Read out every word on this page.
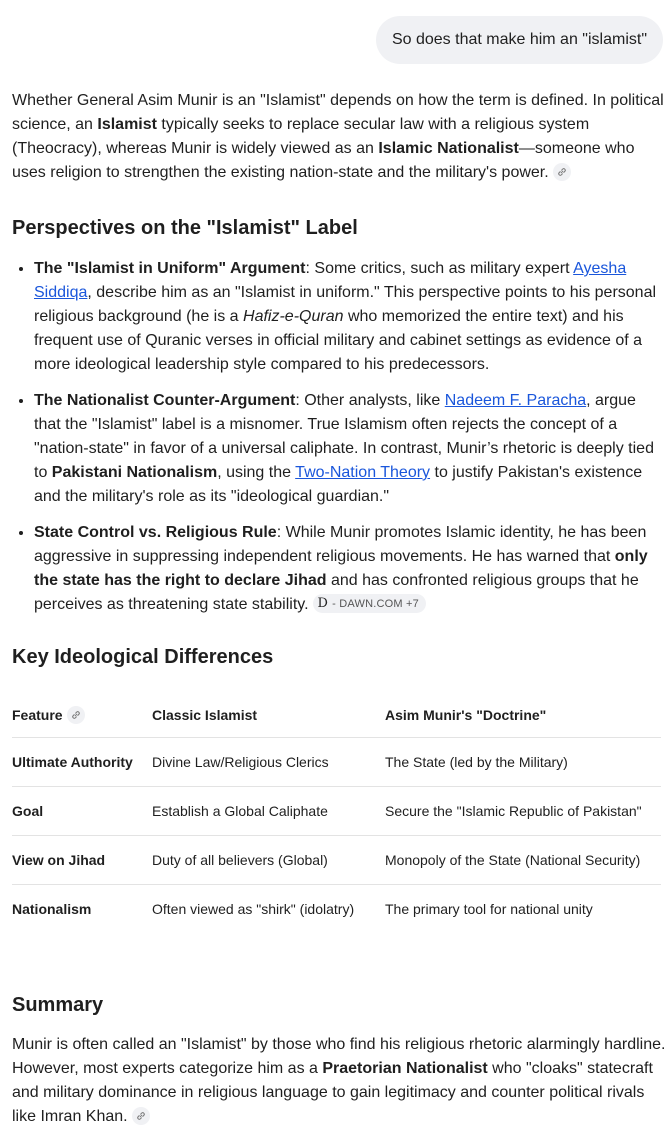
So does that make him an "islamist"

Whether General Asim Munir is an "Islamist" depends on how the term is defined. In political science, an Islamist typically seeks to replace secular law with a religious system (Theocracy), whereas Munir is widely viewed as an Islamic Nationalist—someone who uses religion to strengthen the existing nation-state and the military's power.

Perspectives on the "Islamist" Label
• The "Islamist in Uniform" Argument: Some critics, such as military expert Ayesha Siddiqa, describe him as an "Islamist in uniform." This perspective points to his personal religious background (he is a Hafiz-e-Quran who memorized the entire text) and his frequent use of Quranic verses in official military and cabinet settings as evidence of a more ideological leadership style compared to his predecessors.
• The Nationalist Counter-Argument: Other analysts, like Nadeem F. Paracha, argue that the "Islamist" label is a misnomer. True Islamism often rejects the concept of a "nation-state" in favor of a universal caliphate. In contrast, Munir’s rhetoric is deeply tied to Pakistani Nationalism, using the Two-Nation Theory to justify Pakistan's existence and the military's role as its "ideological guardian."
• State Control vs. Religious Rule: While Munir promotes Islamic identity, he has been aggressive in suppressing independent religious movements. He has warned that only the state has the right to declare Jihad and has confronted religious groups that he perceives as threatening state stability. D - DAWN.COM +7
Key Ideological Differences
Feature	Classic Islamist	Asim Munir's "Doctrine"
Ultimate Authority	Divine Law/Religious Clerics	The State (led by the Military)
Goal	Establish a Global Caliphate	Secure the "Islamic Republic of Pakistan"
View on Jihad	Duty of all believers (Global)	Monopoly of the State (National Security)
Nationalism	Often viewed as "shirk" (idolatry)	The primary tool for national unity
Summary

Munir is often called an "Islamist" by those who find his religious rhetoric alarmingly hardline. However, most experts categorize him as a Praetorian Nationalist who "cloaks" statecraft and military dominance in religious language to gain legitimacy and counter political rivals like Imran Khan.
